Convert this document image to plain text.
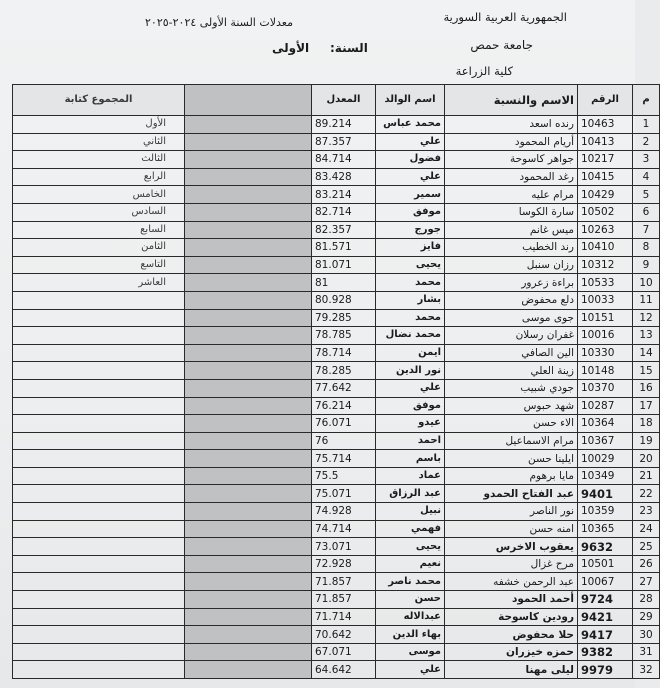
الجمهورية العربية السورية
جامعة حمص
كلية الزراعة
معدلات السنة الأولى ٢٠٢٤-٢٠٢٥
السنة:
الأولى
م	الرقم	الاسم والنسبة	اسم الوالد	المعدل		المجموع كتابة
1	10463	رنده اسعد	محمد عباس	89.214		الأول
2	10413	أريام المحمود	علي	87.357		الثاني
3	10217	جواهر كاسوحة	فضول	84.714		الثالث
4	10415	رغد المحمود	علي	83.428		الرابع
5	10429	مرام عليه	سمير	83.214		الخامس
6	10502	سارة الكوسا	موفق	82.714		السادس
7	10263	ميس غانم	جورج	82.357		السابع
8	10410	رند الخطيب	فايز	81.571		الثامن
9	10312	رزان سنبل	يحيى	81.071		التاسع
10	10533	براءة زعرور	محمد	81		العاشر
11	10033	دلع محفوض	بشار	80.928		
12	10151	جوى موسى	محمد	79.285		
13	10016	غفران رسلان	محمد نضال	78.785		
14	10330	الين الصافي	ايمن	78.714		
15	10148	زينة العلي	نور الدين	78.285		
16	10370	جودي شبيب	علي	77.642		
17	10287	شهد حبوس	موفق	76.214		
18	10364	الاء حسن	عيدو	76.071		
19	10367	مرام الاسماعيل	احمد	76		
20	10029	ايلينا حسن	باسم	75.714		
21	10349	مايا برهوم	عماد	75.5		
22	9401	عبد الفتاح الحمدو	عبد الرزاق	75.071		
23	10359	نور الناصر	نبيل	74.928		
24	10365	امنه حسن	فهمي	74.714		
25	9632	يعقوب الاخرس	يحيى	73.071		
26	10501	مرح غزال	نعيم	72.928		
27	10067	عبد الرحمن خشفه	محمد ناصر	71.857		
28	9724	أحمد الحمود	حسن	71.857		
29	9421	رودين كاسوحة	عبدالاله	71.714		
30	9417	حلا محفوض	بهاء الدين	70.642		
31	9382	حمزه خيزران	موسى	67.071		
32	9979	ليلى مهنا	علي	64.642		
